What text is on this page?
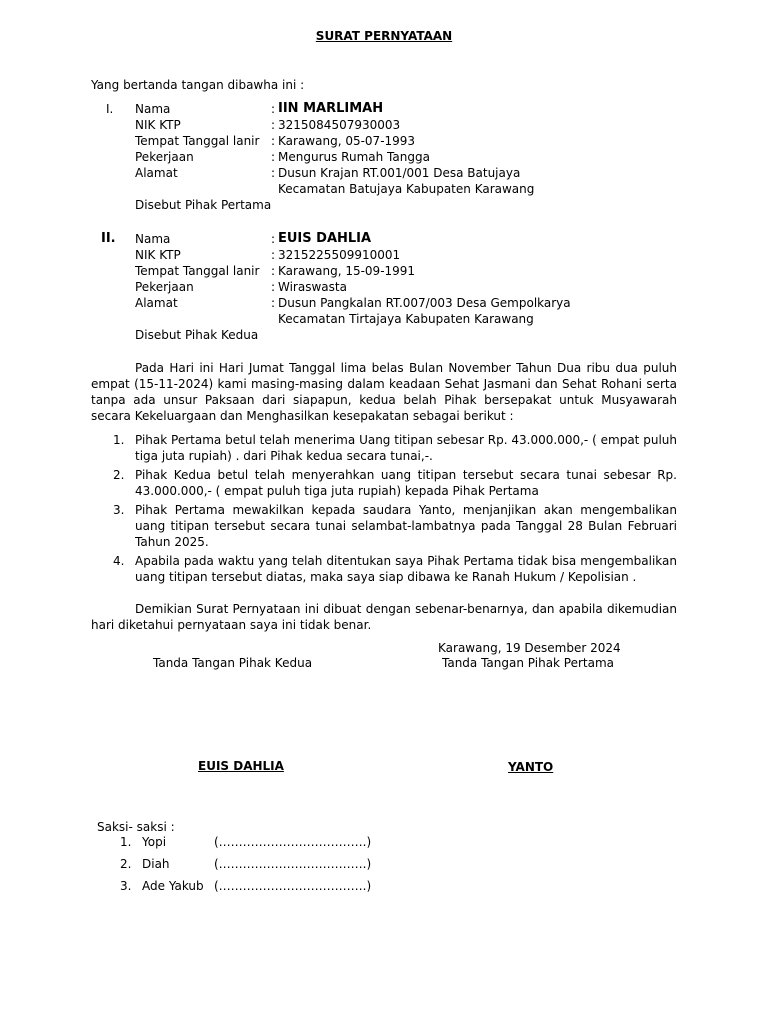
SURAT PERNYATAAN
Yang bertanda tangan dibawha ini :
I. Nama	: IIN MARLIMAH
NIK KTP	: 3215084507930003
Tempat Tanggal lanir : Karawang, 05-07-1993
Pekerjaan	: Mengurus Rumah Tangga
Alamat	: Dusun Krajan RT.001/001 Desa Batujaya
Kecamatan Batujaya Kabupaten Karawang
Disebut Pihak Pertama
II. Nama	: EUIS DAHLIA
NIK KTP	: 3215225509910001
Tempat Tanggal lanir : Karawang, 15-09-1991
Pekerjaan	: Wiraswasta
Alamat	: Dusun Pangkalan RT.007/003 Desa Gempolkarya
Kecamatan Tirtajaya Kabupaten Karawang
Disebut Pihak Kedua
Pada Hari ini Hari Jumat Tanggal lima belas Bulan November Tahun Dua ribu dua puluh empat (15-11-2024) kami masing-masing dalam keadaan Sehat Jasmani dan Sehat Rohani serta tanpa ada unsur Paksaan dari siapapun, kedua belah Pihak bersepakat untuk Musyawarah secara Kekeluargaan dan Menghasilkan kesepakatan sebagai berikut :
1. Pihak Pertama betul telah menerima Uang titipan sebesar Rp. 43.000.000,- ( empat puluh tiga juta rupiah) . dari Pihak kedua secara tunai,-.
2. Pihak Kedua betul telah menyerahkan uang titipan tersebut secara tunai sebesar Rp. 43.000.000,- ( empat puluh tiga juta rupiah) kepada Pihak Pertama
3. Pihak Pertama mewakilkan kepada saudara Yanto, menjanjikan akan mengembalikan uang titipan tersebut secara tunai selambat-lambatnya pada Tanggal 28 Bulan Februari Tahun 2025.
4. Apabila pada waktu yang telah ditentukan saya Pihak Pertama tidak bisa mengembalikan uang titipan tersebut diatas, maka saya siap dibawa ke Ranah Hukum / Kepolisian .
Demikian Surat Pernyataan ini dibuat dengan sebenar-benarnya, dan apabila dikemudian hari diketahui pernyataan saya ini tidak benar.
Karawang, 19 Desember 2024
Tanda Tangan Pihak Kedua	Tanda Tangan Pihak Pertama
EUIS DAHLIA	YANTO
Saksi- saksi :
1. Yopi	(……………………………….)
2. Diah	(……………………………….)
3. Ade Yakub (……………………………….)
